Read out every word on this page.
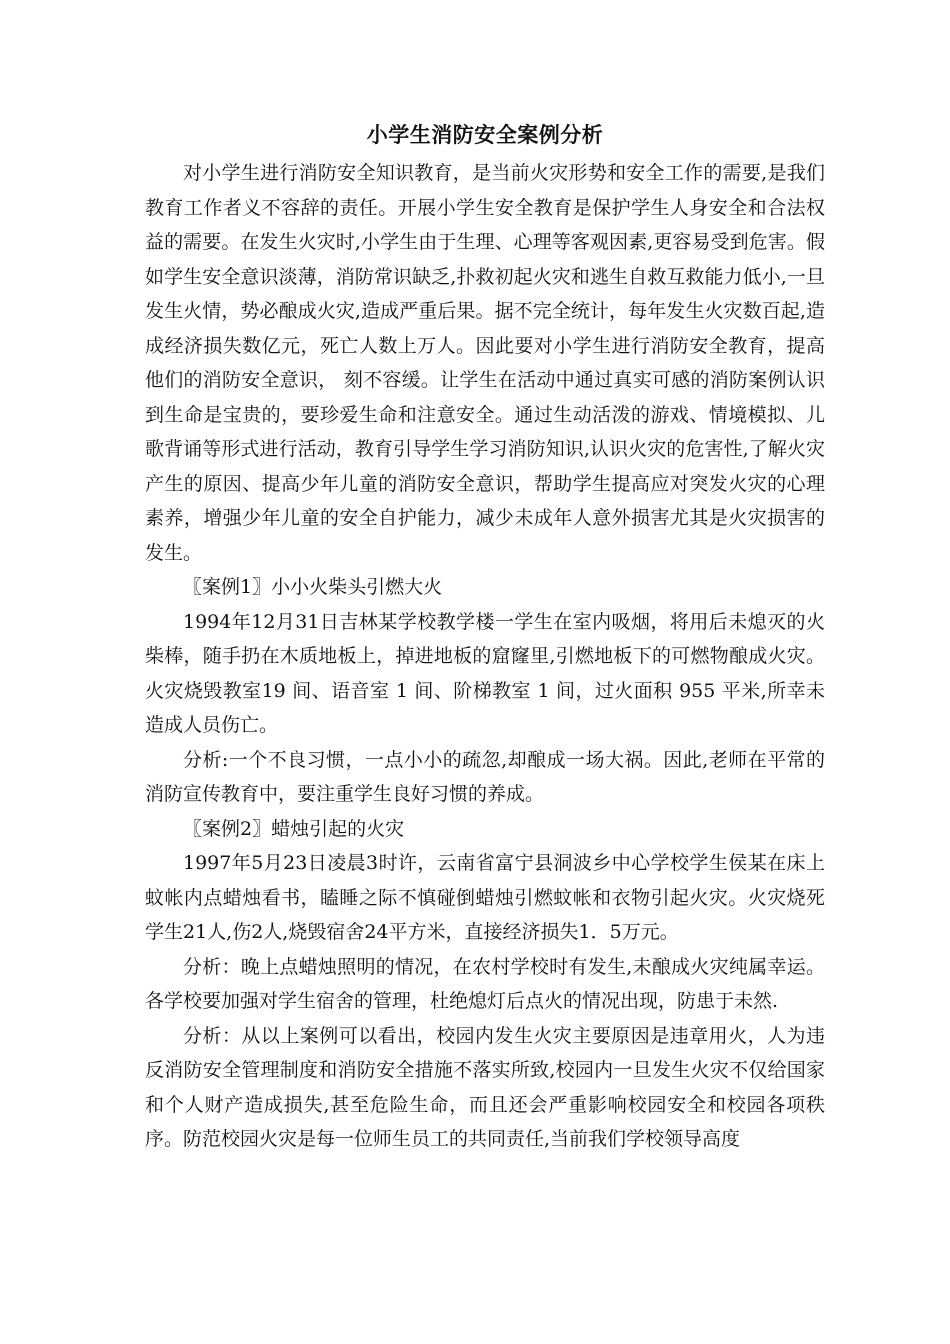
小学生消防安全案例分析

对小学生进行消防安全知识教育，是当前火灾形势和安全工作的需要,是我们教育工作者义不容辞的责任。开展小学生安全教育是保护学生人身安全和合法权益的需要。在发生火灾时,小学生由于生理、心理等客观因素,更容易受到危害。假如学生安全意识淡薄，消防常识缺乏,扑救初起火灾和逃生自救互救能力低小,一旦发生火情，势必酿成火灾,造成严重后果。据不完全统计，每年发生火灾数百起,造成经济损失数亿元，死亡人数上万人。因此要对小学生进行消防安全教育，提高他们的消防安全意识， 刻不容缓。让学生在活动中通过真实可感的消防案例认识到生命是宝贵的，要珍爱生命和注意安全。通过生动活泼的游戏、情境模拟、儿歌背诵等形式进行活动，教育引导学生学习消防知识,认识火灾的危害性,了解火灾产生的原因、提高少年儿童的消防安全意识，帮助学生提高应对突发火灾的心理素养，增强少年儿童的安全自护能力，减少未成年人意外损害尤其是火灾损害的发生。

〖案例1〗小小火柴头引燃大火

1994年12月31日吉林某学校教学楼一学生在室内吸烟，将用后未熄灭的火柴棒，随手扔在木质地板上，掉进地板的窟窿里,引燃地板下的可燃物酿成火灾。火灾烧毁教室19 间、语音室 1 间、阶梯教室 1 间，过火面积 955 平米,所幸未造成人员伤亡。

分析:一个不良习惯，一点小小的疏忽,却酿成一场大祸。因此,老师在平常的消防宣传教育中，要注重学生良好习惯的养成。

〖案例2〗蜡烛引起的火灾

1997年5月23日凌晨3时许，云南省富宁县洞波乡中心学校学生侯某在床上蚊帐内点蜡烛看书，瞌睡之际不慎碰倒蜡烛引燃蚊帐和衣物引起火灾。火灾烧死学生21人,伤2人,烧毁宿舍24平方米，直接经济损失1．5万元。

分析：晚上点蜡烛照明的情况，在农村学校时有发生,未酿成火灾纯属幸运。各学校要加强对学生宿舍的管理，杜绝熄灯后点火的情况出现，防患于未然.

分析：从以上案例可以看出，校园内发生火灾主要原因是违章用火，人为违反消防安全管理制度和消防安全措施不落实所致,校园内一旦发生火灾不仅给国家和个人财产造成损失,甚至危险生命，而且还会严重影响校园安全和校园各项秩序。防范校园火灾是每一位师生员工的共同责任,当前我们学校领导高度
